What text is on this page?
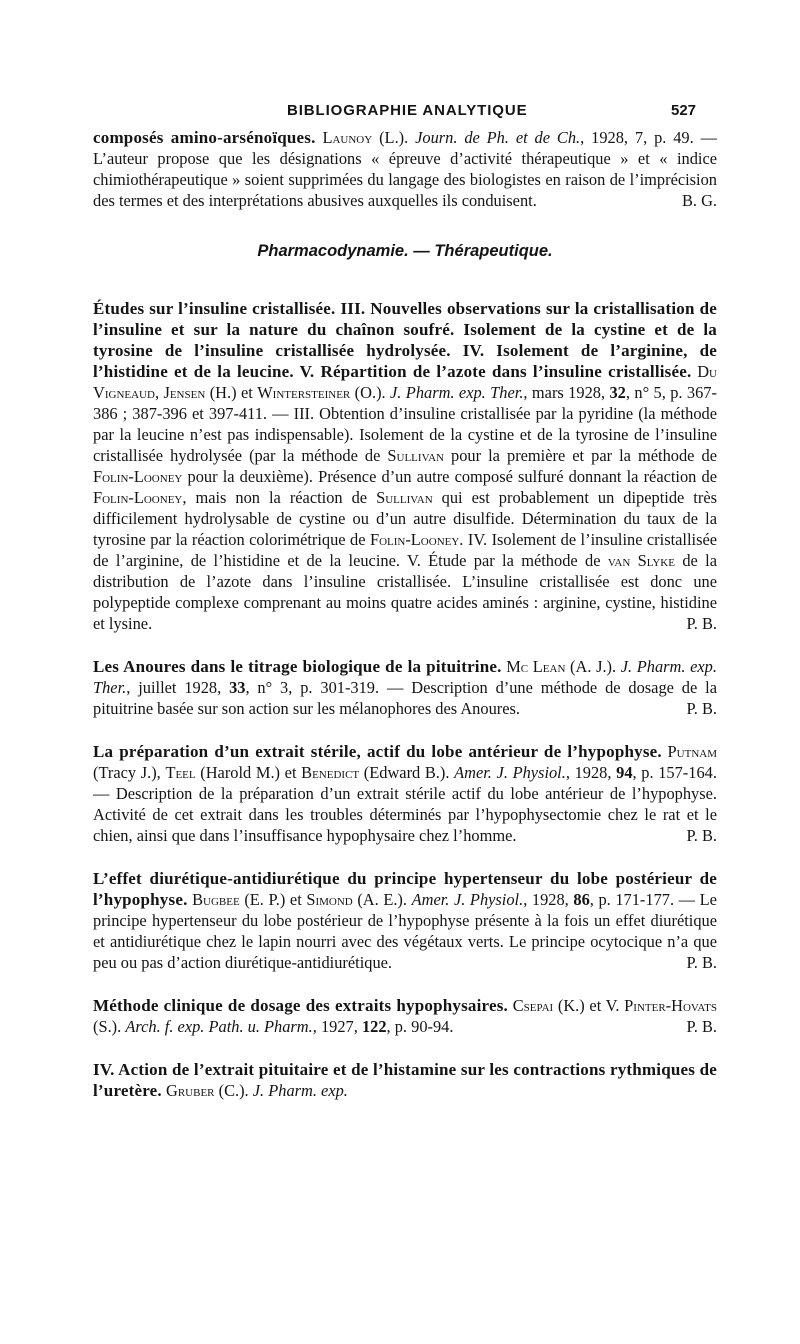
BIBLIOGRAPHIE ANALYTIQUE	527

composés amino-arsénoïques. Launoy (L.). Journ. de Ph. et de Ch., 1928, 7, p. 49. — L’auteur propose que les désignations « épreuve d’activité thérapeutique » et « indice chimiothérapeutique » soient supprimées du langage des biologistes en raison de l’imprécision des termes et des interprétations abusives auxquelles ils conduisent.	B. G.

Pharmacodynamie. — Thérapeutique.

Études sur l’insuline cristallisée. III. Nouvelles observations sur la cristallisation de l’insuline et sur la nature du chaînon soufré. Isolement de la cystine et de la tyrosine de l’insuline cristallisée hydrolysée. IV. Isolement de l’arginine, de l’histidine et de la leucine. V. Répartition de l’azote dans l’insuline cristallisée. Du Vigneaud, Jensen (H.) et Wintersteiner (O.). J. Pharm. exp. Ther., mars 1928, 32, n° 5, p. 367-386 ; 387-396 et 397-411. — III. Obtention d’insuline cristallisée par la pyridine (la méthode par la leucine n’est pas indispensable). Isolement de la cystine et de la tyrosine de l’insuline cristallisée hydrolysée (par la méthode de Sullivan pour la première et par la méthode de Folin-Looney pour la deuxième). Présence d’un autre composé sulfuré donnant la réaction de Folin-Looney, mais non la réaction de Sullivan qui est probablement un dipeptide très difficilement hydrolysable de cystine ou d’un autre disulfide. Détermination du taux de la tyrosine par la réaction colorimétrique de Folin-Looney. IV. Isolement de l’insuline cristallisée de l’arginine, de l’histidine et de la leucine. V. Étude par la méthode de van Slyke de la distribution de l’azote dans l’insuline cristallisée. L’insuline cristallisée est donc une polypeptide complexe comprenant au moins quatre acides aminés : arginine, cystine, histidine et lysine.	P. B.

Les Anoures dans le titrage biologique de la pituitrine. Mc Lean (A. J.). J. Pharm. exp. Ther., juillet 1928, 33, n° 3, p. 301-319. — Description d’une méthode de dosage de la pituitrine basée sur son action sur les mélanophores des Anoures.	P. B.

La préparation d’un extrait stérile, actif du lobe antérieur de l’hypophyse. Putnam (Tracy J.), Teel (Harold M.) et Benedict (Edward B.). Amer. J. Physiol., 1928, 94, p. 157-164. — Description de la préparation d’un extrait stérile actif du lobe antérieur de l’hypophyse. Activité de cet extrait dans les troubles déterminés par l’hypophysectomie chez le rat et le chien, ainsi que dans l’insuffisance hypophysaire chez l’homme.	P. B.

L’effet diurétique-antidiurétique du principe hypertenseur du lobe postérieur de l’hypophyse. Bugbee (E. P.) et Simond (A. E.). Amer. J. Physiol., 1928, 86, p. 171-177. — Le principe hypertenseur du lobe postérieur de l’hypophyse présente à la fois un effet diurétique et antidiurétique chez le lapin nourri avec des végétaux verts. Le principe ocytocique n’a que peu ou pas d’action diurétique-antidiurétique.	P. B.

Méthode clinique de dosage des extraits hypophysaires. Csepai (K.) et V. Pinter-Hovats (S.). Arch. f. exp. Path. u. Pharm., 1927, 122, p. 90-94.	P. B.

IV. Action de l’extrait pituitaire et de l’histamine sur les contractions rythmiques de l’uretère. Gruber (C.). J. Pharm. exp.
